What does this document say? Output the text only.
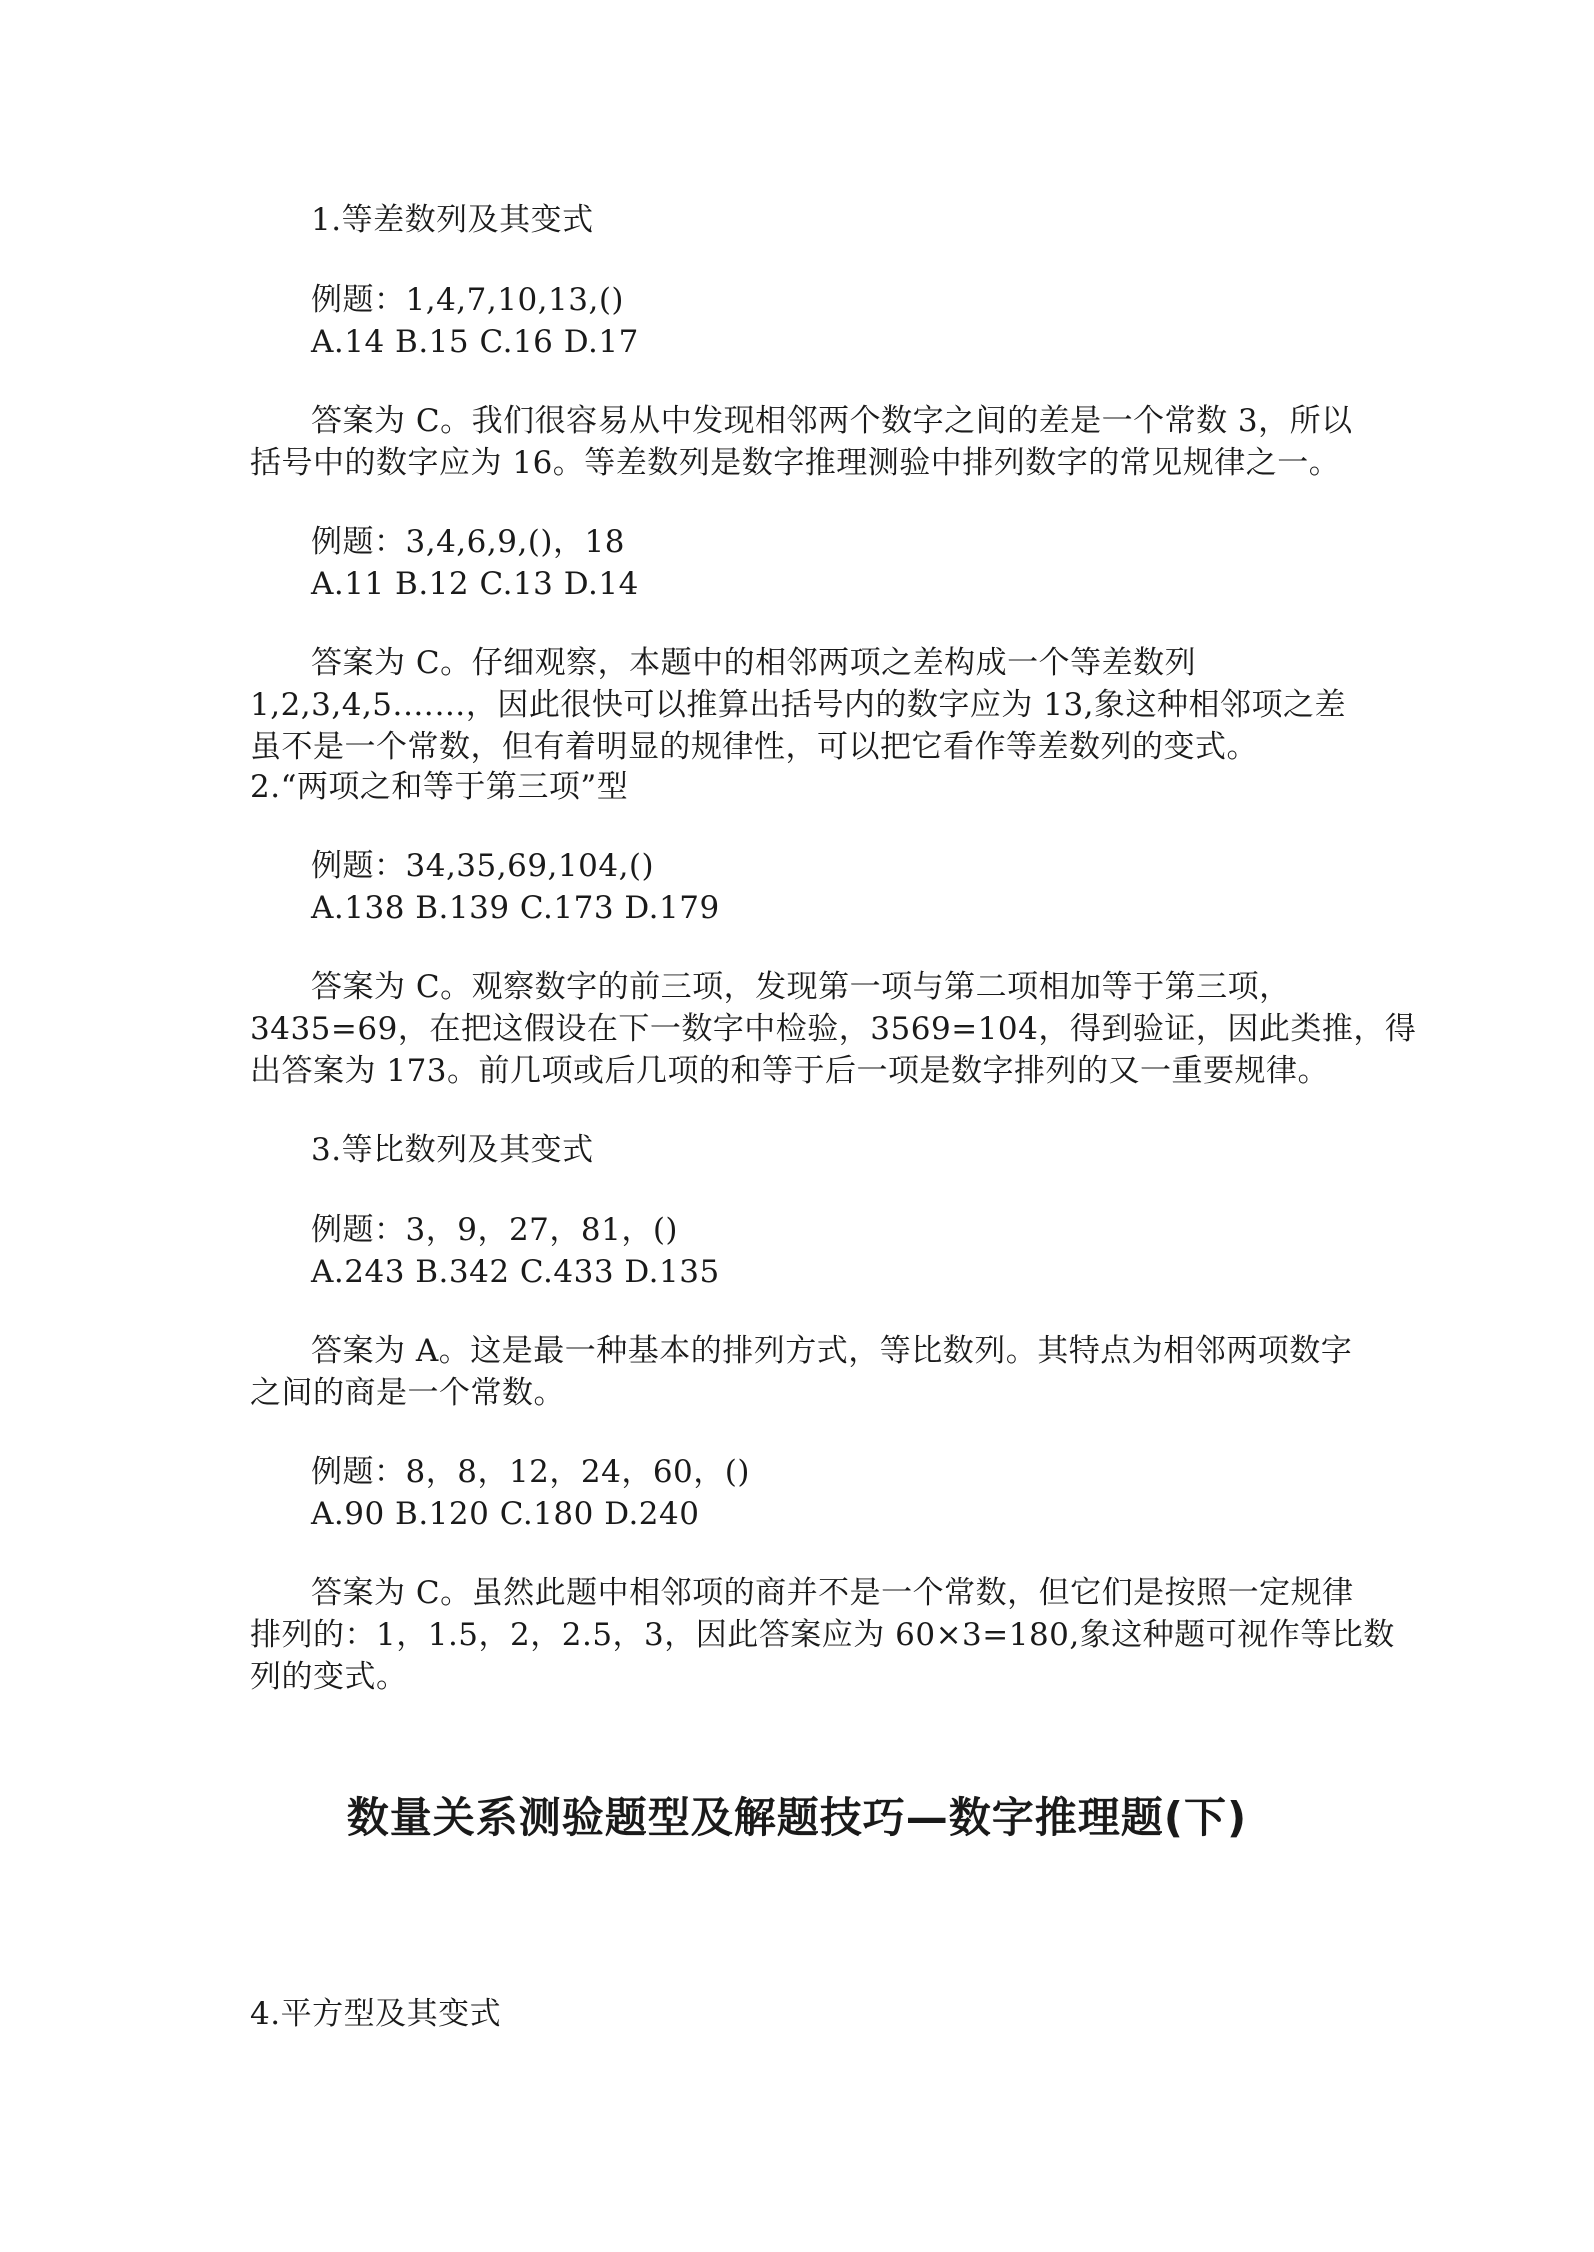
1.等差数列及其变式
例题：1,4,7,10,13,()
A.14 B.15 C.16 D.17
答案为 C。我们很容易从中发现相邻两个数字之间的差是一个常数 3，所以
括号中的数字应为 16。等差数列是数字推理测验中排列数字的常见规律之一。
例题：3,4,6,9,()，18
A.11 B.12 C.13 D.14
答案为 C。仔细观察，本题中的相邻两项之差构成一个等差数列
1,2,3,4,5.……，因此很快可以推算出括号内的数字应为 13,象这种相邻项之差
虽不是一个常数，但有着明显的规律性，可以把它看作等差数列的变式。
2.“两项之和等于第三项”型
例题：34,35,69,104,()
A.138 B.139 C.173 D.179
答案为 C。观察数字的前三项，发现第一项与第二项相加等于第三项，
3435=69，在把这假设在下一数字中检验，3569=104，得到验证，因此类推，得
出答案为 173。前几项或后几项的和等于后一项是数字排列的又一重要规律。
3.等比数列及其变式
例题：3，9，27，81，()
A.243 B.342 C.433 D.135
答案为 A。这是最一种基本的排列方式，等比数列。其特点为相邻两项数字
之间的商是一个常数。
例题：8，8，12，24，60，()
A.90 B.120 C.180 D.240
答案为 C。虽然此题中相邻项的商并不是一个常数，但它们是按照一定规律
排列的：1，1.5，2，2.5，3，因此答案应为 60×3=180,象这种题可视作等比数
列的变式。
数量关系测验题型及解题技巧—数字推理题(下)
4.平方型及其变式
